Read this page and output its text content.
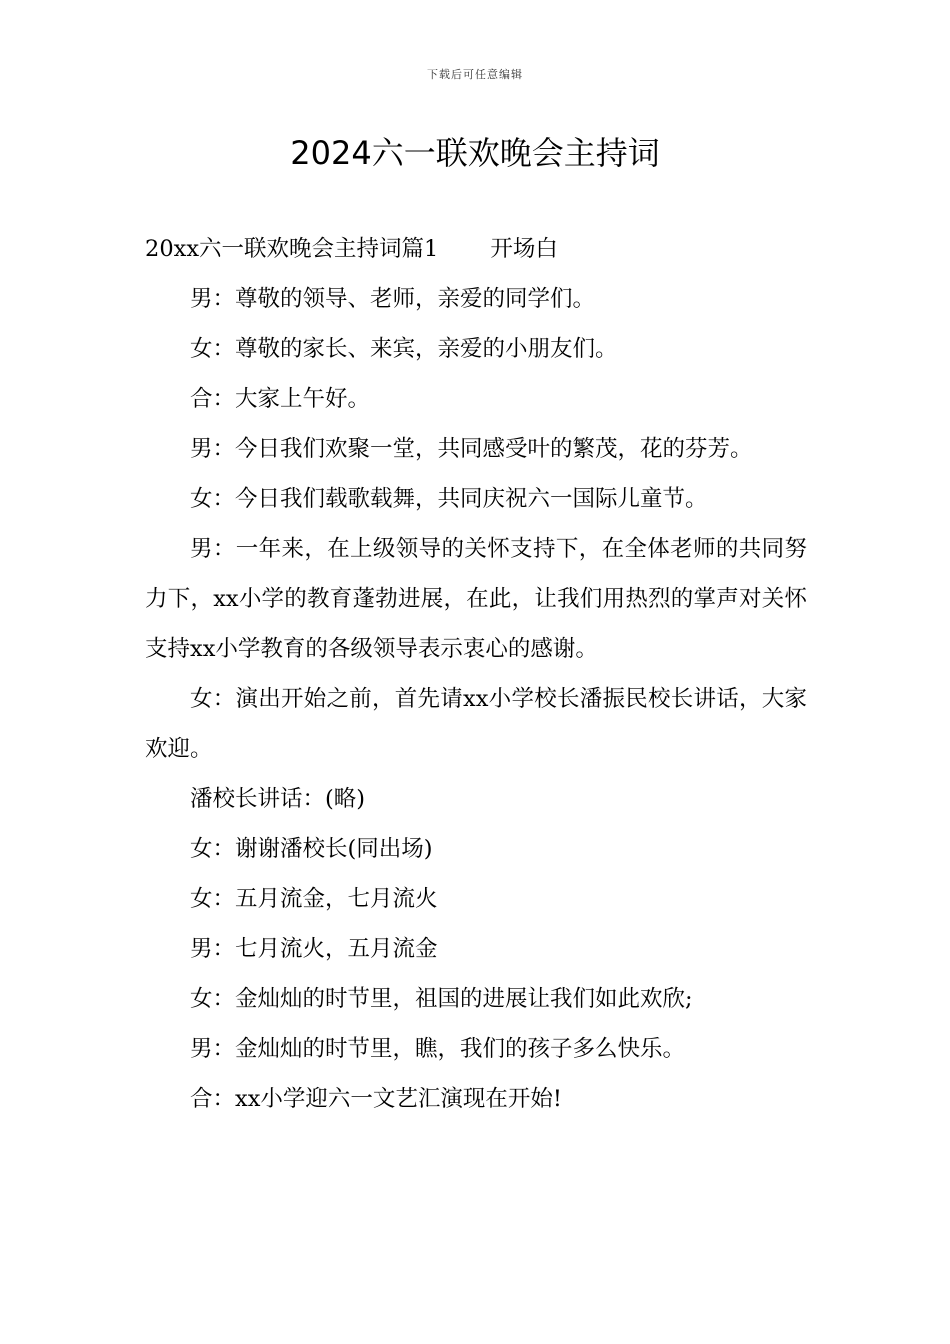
下载后可任意编辑
2024六一联欢晚会主持词

20xx六一联欢晚会主持词篇1 开场白

男：尊敬的领导、老师，亲爱的同学们。

女：尊敬的家长、来宾，亲爱的小朋友们。

合：大家上午好。

男：今日我们欢聚一堂，共同感受叶的繁茂，花的芬芳。

女：今日我们载歌载舞，共同庆祝六一国际儿童节。

男：一年来，在上级领导的关怀支持下，在全体老师的共同努力下，xx小学的教育蓬勃进展，在此，让我们用热烈的掌声对关怀支持xx小学教育的各级领导表示衷心的感谢。

女：演出开始之前，首先请xx小学校长潘振民校长讲话，大家欢迎。

潘校长讲话：(略)

女：谢谢潘校长(同出场)

女：五月流金，七月流火

男：七月流火，五月流金

女：金灿灿的时节里，祖国的进展让我们如此欢欣;

男：金灿灿的时节里，瞧，我们的孩子多么快乐。

合：xx小学迎六一文艺汇演现在开始!
